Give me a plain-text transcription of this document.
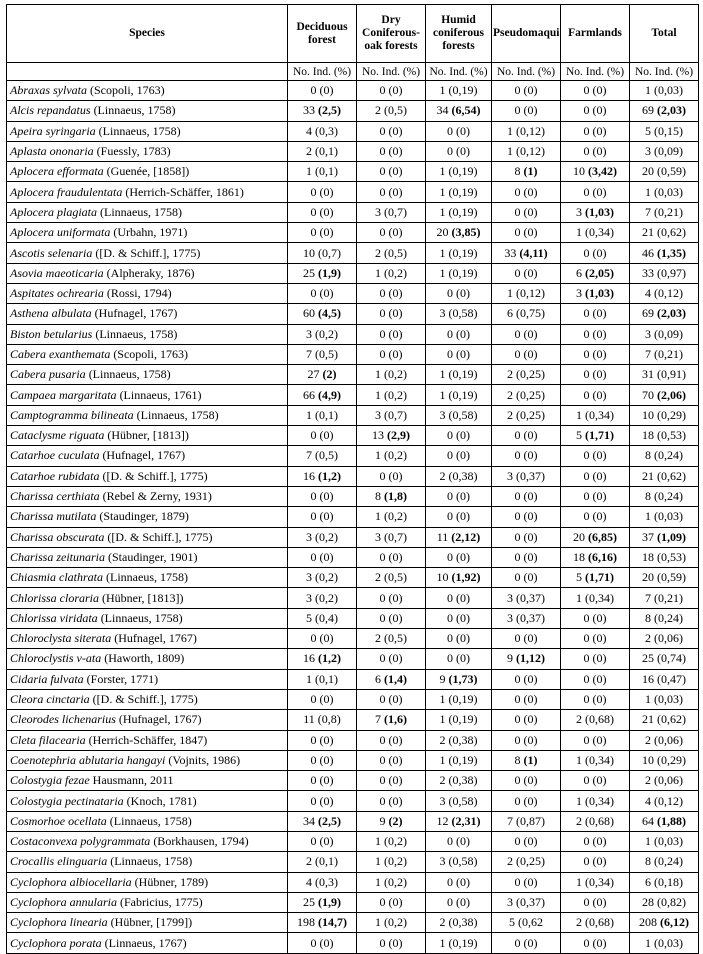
Species	Deciduous forest	Dry Coniferous-oak forests	Humid coniferous forests	Pseudomaqui	Farmlands	Total
	No. Ind. (%)	No. Ind. (%)	No. Ind. (%)	No. Ind. (%)	No. Ind. (%)	No. Ind. (%)
Abraxas sylvata (Scopoli, 1763)	0 (0)	0 (0)	1 (0,19)	0 (0)	0 (0)	1 (0,03)
Alcis repandatus (Linnaeus, 1758)	33 (2,5)	2 (0,5)	34 (6,54)	0 (0)	0 (0)	69 (2,03)
Apeira syringaria (Linnaeus, 1758)	4 (0,3)	0 (0)	0 (0)	1 (0,12)	0 (0)	5 (0,15)
Aplasta ononaria (Fuessly, 1783)	2 (0,1)	0 (0)	0 (0)	1 (0,12)	0 (0)	3 (0,09)
Aplocera efformata (Guenée, [1858])	1 (0,1)	0 (0)	1 (0,19)	8 (1)	10 (3,42)	20 (0,59)
Aplocera fraudulentata (Herrich-Schäffer, 1861)	0 (0)	0 (0)	1 (0,19)	0 (0)	0 (0)	1 (0,03)
Aplocera plagiata (Linnaeus, 1758)	0 (0)	3 (0,7)	1 (0,19)	0 (0)	3 (1,03)	7 (0,21)
Aplocera uniformata (Urbahn, 1971)	0 (0)	0 (0)	20 (3,85)	0 (0)	1 (0,34)	21 (0,62)
Ascotis selenaria ([D. & Schiff.], 1775)	10 (0,7)	2 (0,5)	1 (0,19)	33 (4,11)	0 (0)	46 (1,35)
Asovia maeoticaria (Alpheraky, 1876)	25 (1,9)	1 (0,2)	1 (0,19)	0 (0)	6 (2,05)	33 (0,97)
Aspitates ochrearia (Rossi, 1794)	0 (0)	0 (0)	0 (0)	1 (0,12)	3 (1,03)	4 (0,12)
Asthena albulata (Hufnagel, 1767)	60 (4,5)	0 (0)	3 (0,58)	6 (0,75)	0 (0)	69 (2,03)
Biston betularius (Linnaeus, 1758)	3 (0,2)	0 (0)	0 (0)	0 (0)	0 (0)	3 (0,09)
Cabera exanthemata (Scopoli, 1763)	7 (0,5)	0 (0)	0 (0)	0 (0)	0 (0)	7 (0,21)
Cabera pusaria (Linnaeus, 1758)	27 (2)	1 (0,2)	1 (0,19)	2 (0,25)	0 (0)	31 (0,91)
Campaea margaritata (Linnaeus, 1761)	66 (4,9)	1 (0,2)	1 (0,19)	2 (0,25)	0 (0)	70 (2,06)
Camptogramma bilineata (Linnaeus, 1758)	1 (0,1)	3 (0,7)	3 (0,58)	2 (0,25)	1 (0,34)	10 (0,29)
Cataclysme riguata (Hübner, [1813])	0 (0)	13 (2,9)	0 (0)	0 (0)	5 (1,71)	18 (0,53)
Catarhoe cuculata (Hufnagel, 1767)	7 (0,5)	1 (0,2)	0 (0)	0 (0)	0 (0)	8 (0,24)
Catarhoe rubidata ([D. & Schiff.], 1775)	16 (1,2)	0 (0)	2 (0,38)	3 (0,37)	0 (0)	21 (0,62)
Charissa certhiata (Rebel & Zerny, 1931)	0 (0)	8 (1,8)	0 (0)	0 (0)	0 (0)	8 (0,24)
Charissa mutilata (Staudinger, 1879)	0 (0)	1 (0,2)	0 (0)	0 (0)	0 (0)	1 (0,03)
Charissa obscurata ([D. & Schiff.], 1775)	3 (0,2)	3 (0,7)	11 (2,12)	0 (0)	20 (6,85)	37 (1,09)
Charissa zeitunaria (Staudinger, 1901)	0 (0)	0 (0)	0 (0)	0 (0)	18 (6,16)	18 (0,53)
Chiasmia clathrata (Linnaeus, 1758)	3 (0,2)	2 (0,5)	10 (1,92)	0 (0)	5 (1,71)	20 (0,59)
Chlorissa cloraria (Hübner, [1813])	3 (0,2)	0 (0)	0 (0)	3 (0,37)	1 (0,34)	7 (0,21)
Chlorissa viridata (Linnaeus, 1758)	5 (0,4)	0 (0)	0 (0)	3 (0,37)	0 (0)	8 (0,24)
Chloroclysta siterata (Hufnagel, 1767)	0 (0)	2 (0,5)	0 (0)	0 (0)	0 (0)	2 (0,06)
Chloroclystis v-ata (Haworth, 1809)	16 (1,2)	0 (0)	0 (0)	9 (1,12)	0 (0)	25 (0,74)
Cidaria fulvata (Forster, 1771)	1 (0,1)	6 (1,4)	9 (1,73)	0 (0)	0 (0)	16 (0,47)
Cleora cinctaria ([D. & Schiff.], 1775)	0 (0)	0 (0)	1 (0,19)	0 (0)	0 (0)	1 (0,03)
Cleorodes lichenarius (Hufnagel, 1767)	11 (0,8)	7 (1,6)	1 (0,19)	0 (0)	2 (0,68)	21 (0,62)
Cleta filacearia (Herrich-Schäffer, 1847)	0 (0)	0 (0)	2 (0,38)	0 (0)	0 (0)	2 (0,06)
Coenotephria ablutaria hangayi (Vojnits, 1986)	0 (0)	0 (0)	1 (0,19)	8 (1)	1 (0,34)	10 (0,29)
Colostygia fezae Hausmann, 2011	0 (0)	0 (0)	2 (0,38)	0 (0)	0 (0)	2 (0,06)
Colostygia pectinataria (Knoch, 1781)	0 (0)	0 (0)	3 (0,58)	0 (0)	1 (0,34)	4 (0,12)
Cosmorhoe ocellata (Linnaeus, 1758)	34 (2,5)	9 (2)	12 (2,31)	7 (0,87)	2 (0,68)	64 (1,88)
Costaconvexa polygrammata (Borkhausen, 1794)	0 (0)	1 (0,2)	0 (0)	0 (0)	0 (0)	1 (0,03)
Crocallis elinguaria (Linnaeus, 1758)	2 (0,1)	1 (0,2)	3 (0,58)	2 (0,25)	0 (0)	8 (0,24)
Cyclophora albiocellaria (Hübner, 1789)	4 (0,3)	1 (0,2)	0 (0)	0 (0)	1 (0,34)	6 (0,18)
Cyclophora annularia (Fabricius, 1775)	25 (1,9)	0 (0)	0 (0)	3 (0,37)	0 (0)	28 (0,82)
Cyclophora linearia (Hübner, [1799])	198 (14,7)	1 (0,2)	2 (0,38)	5 (0,62	2 (0,68)	208 (6,12)
Cyclophora porata (Linnaeus, 1767)	0 (0)	0 (0)	1 (0,19)	0 (0)	0 (0)	1 (0,03)
